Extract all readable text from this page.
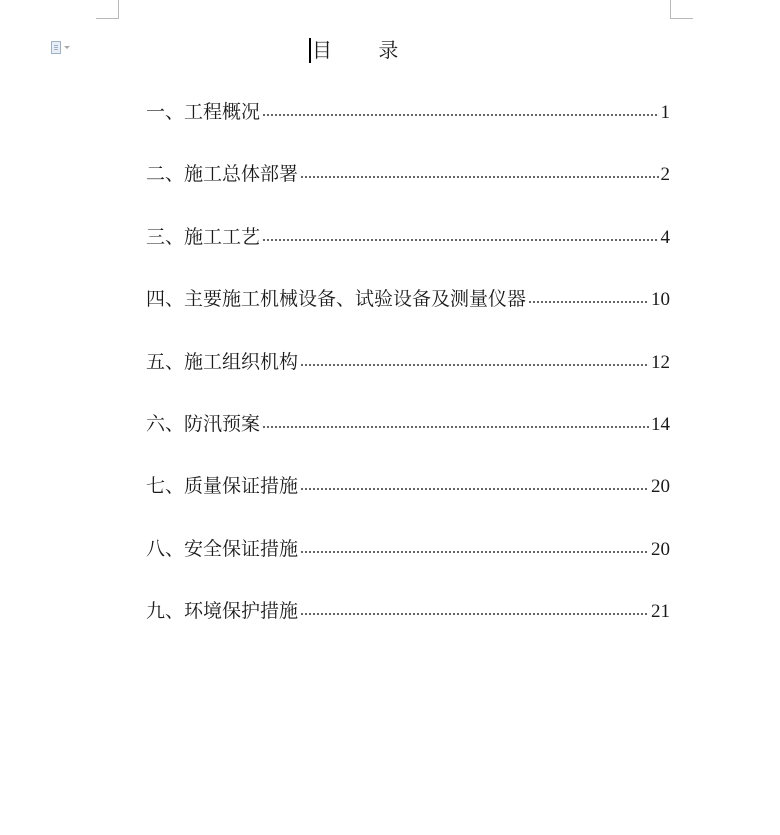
目　　 录
一、工程概况	1
二、施工总体部署	2
三、施工工艺	4
四、主要施工机械设备、试验设备及测量仪器	10
五、施工组织机构	12
六、防汛预案	14
七、质量保证措施	20
八、安全保证措施	20
九、环境保护措施	21
